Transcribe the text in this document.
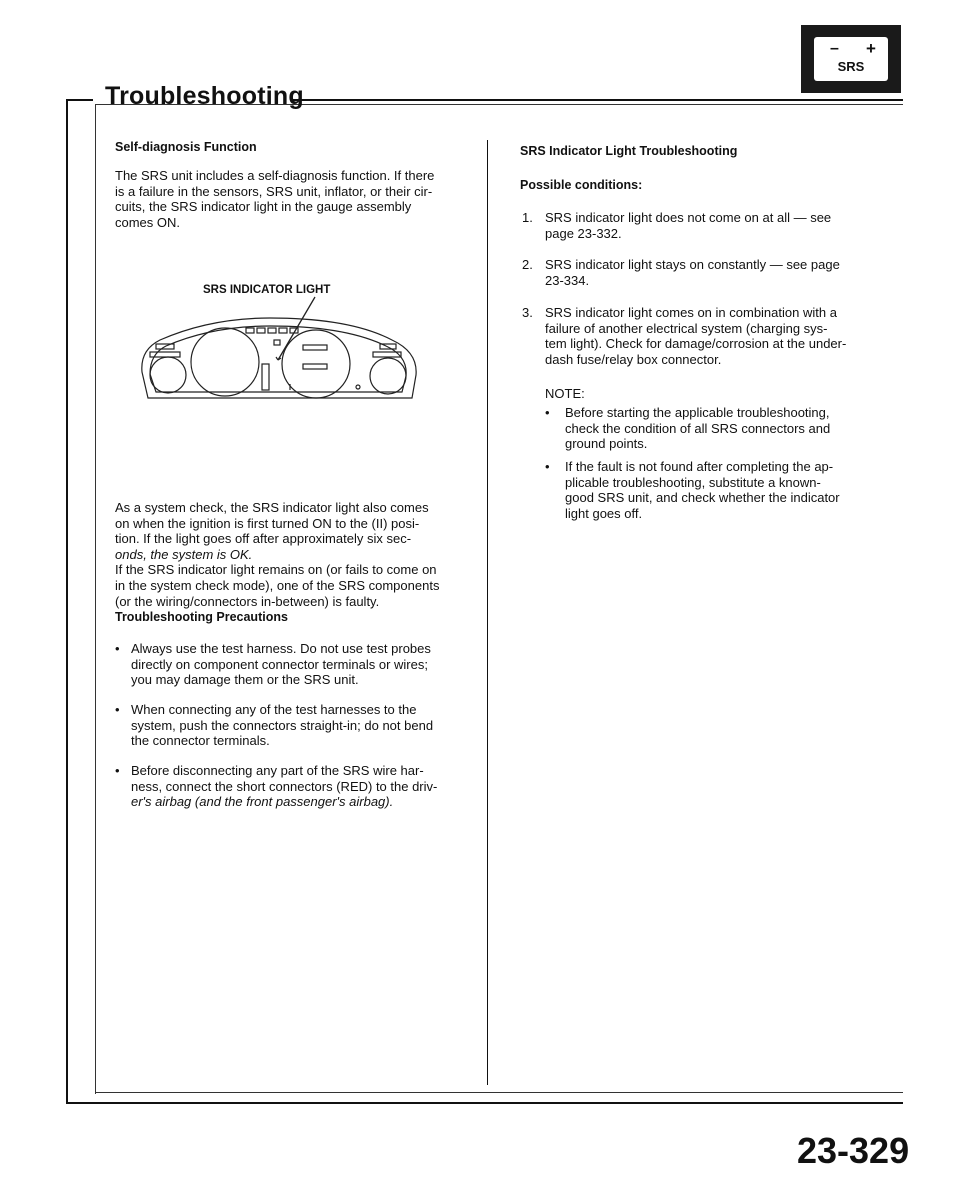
Troubleshooting
– +
SRS
Self-diagnosis Function
The SRS unit includes a self-diagnosis function. If there
is a failure in the sensors, SRS unit, inflator, or their cir-
cuits, the SRS indicator light in the gauge assembly
comes ON.
SRS INDICATOR LIGHT
As a system check, the SRS indicator light also comes
on when the ignition is first turned ON to the (II) posi-
tion. If the light goes off after approximately six sec-
onds, the system is OK.
If the SRS indicator light remains on (or fails to come on
in the system check mode), one of the SRS components
(or the wiring/connectors in-between) is faulty.
Troubleshooting Precautions
• Always use the test harness. Do not use test probes
directly on component connector terminals or wires;
you may damage them or the SRS unit.
• When connecting any of the test harnesses to the
system, push the connectors straight-in; do not bend
the connector terminals.
• Before disconnecting any part of the SRS wire har-
ness, connect the short connectors (RED) to the driv-
er's airbag (and the front passenger's airbag).
SRS Indicator Light Troubleshooting
Possible conditions:
1. SRS indicator light does not come on at all — see
page 23-332.
2. SRS indicator light stays on constantly — see page
23-334.
3. SRS indicator light comes on in combination with a
failure of another electrical system (charging sys-
tem light). Check for damage/corrosion at the under-
dash fuse/relay box connector.
NOTE:
• Before starting the applicable troubleshooting,
check the condition of all SRS connectors and
ground points.
• If the fault is not found after completing the ap-
plicable troubleshooting, substitute a known-
good SRS unit, and check whether the indicator
light goes off.
23-329
